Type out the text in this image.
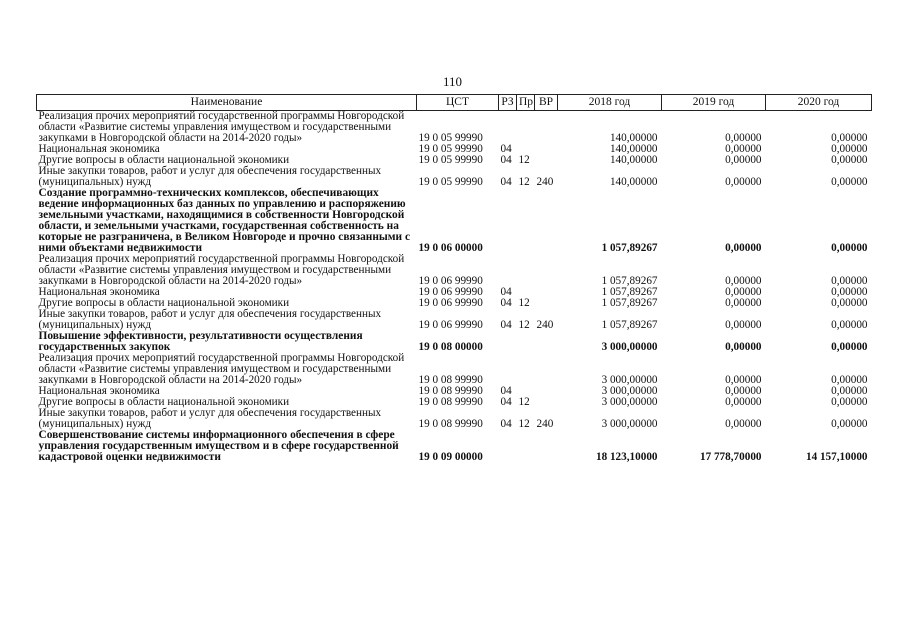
110
Наименование	ЦСТ	РЗ	Пр	ВР	2018 год	2019 год	2020 год
Реализация прочих мероприятий государственной программы Новгородской области «Развитие системы управления имуществом и государственными закупками в Новгородской области на 2014-2020 годы»	19 0 05 99990				140,00000	0,00000	0,00000
Национальная экономика	19 0 05 99990	04			140,00000	0,00000	0,00000
Другие вопросы в области национальной экономики	19 0 05 99990	04	12		140,00000	0,00000	0,00000
Иные закупки товаров, работ и услуг для обеспечения государственных (муниципальных) нужд	19 0 05 99990	04	12	240	140,00000	0,00000	0,00000
Создание программно-технических комплексов, обеспечивающих ведение информационных баз данных по управлению и распоряжению земельными участками, находящимися в собственности Новгородской области, и земельными участками, государственная собственность на которые не разграничена, в Великом Новгороде и прочно связанными с ними объектами недвижимости	19 0 06 00000				1 057,89267	0,00000	0,00000
Реализация прочих мероприятий государственной программы Новгородской области «Развитие системы управления имуществом и государственными закупками в Новгородской области на 2014-2020 годы»	19 0 06 99990				1 057,89267	0,00000	0,00000
Национальная экономика	19 0 06 99990	04			1 057,89267	0,00000	0,00000
Другие вопросы в области национальной экономики	19 0 06 99990	04	12		1 057,89267	0,00000	0,00000
Иные закупки товаров, работ и услуг для обеспечения государственных (муниципальных) нужд	19 0 06 99990	04	12	240	1 057,89267	0,00000	0,00000
Повышение эффективности, результативности осуществления государственных закупок	19 0 08 00000				3 000,00000	0,00000	0,00000
Реализация прочих мероприятий государственной программы Новгородской области «Развитие системы управления имуществом и государственными закупками в Новгородской области на 2014-2020 годы»	19 0 08 99990				3 000,00000	0,00000	0,00000
Национальная экономика	19 0 08 99990	04			3 000,00000	0,00000	0,00000
Другие вопросы в области национальной экономики	19 0 08 99990	04	12		3 000,00000	0,00000	0,00000
Иные закупки товаров, работ и услуг для обеспечения государственных (муниципальных) нужд	19 0 08 99990	04	12	240	3 000,00000	0,00000	0,00000
Совершенствование системы информационного обеспечения в сфере управления государственным имуществом и в сфере государственной кадастровой оценки недвижимости	19 0 09 00000				18 123,10000	17 778,70000	14 157,10000
